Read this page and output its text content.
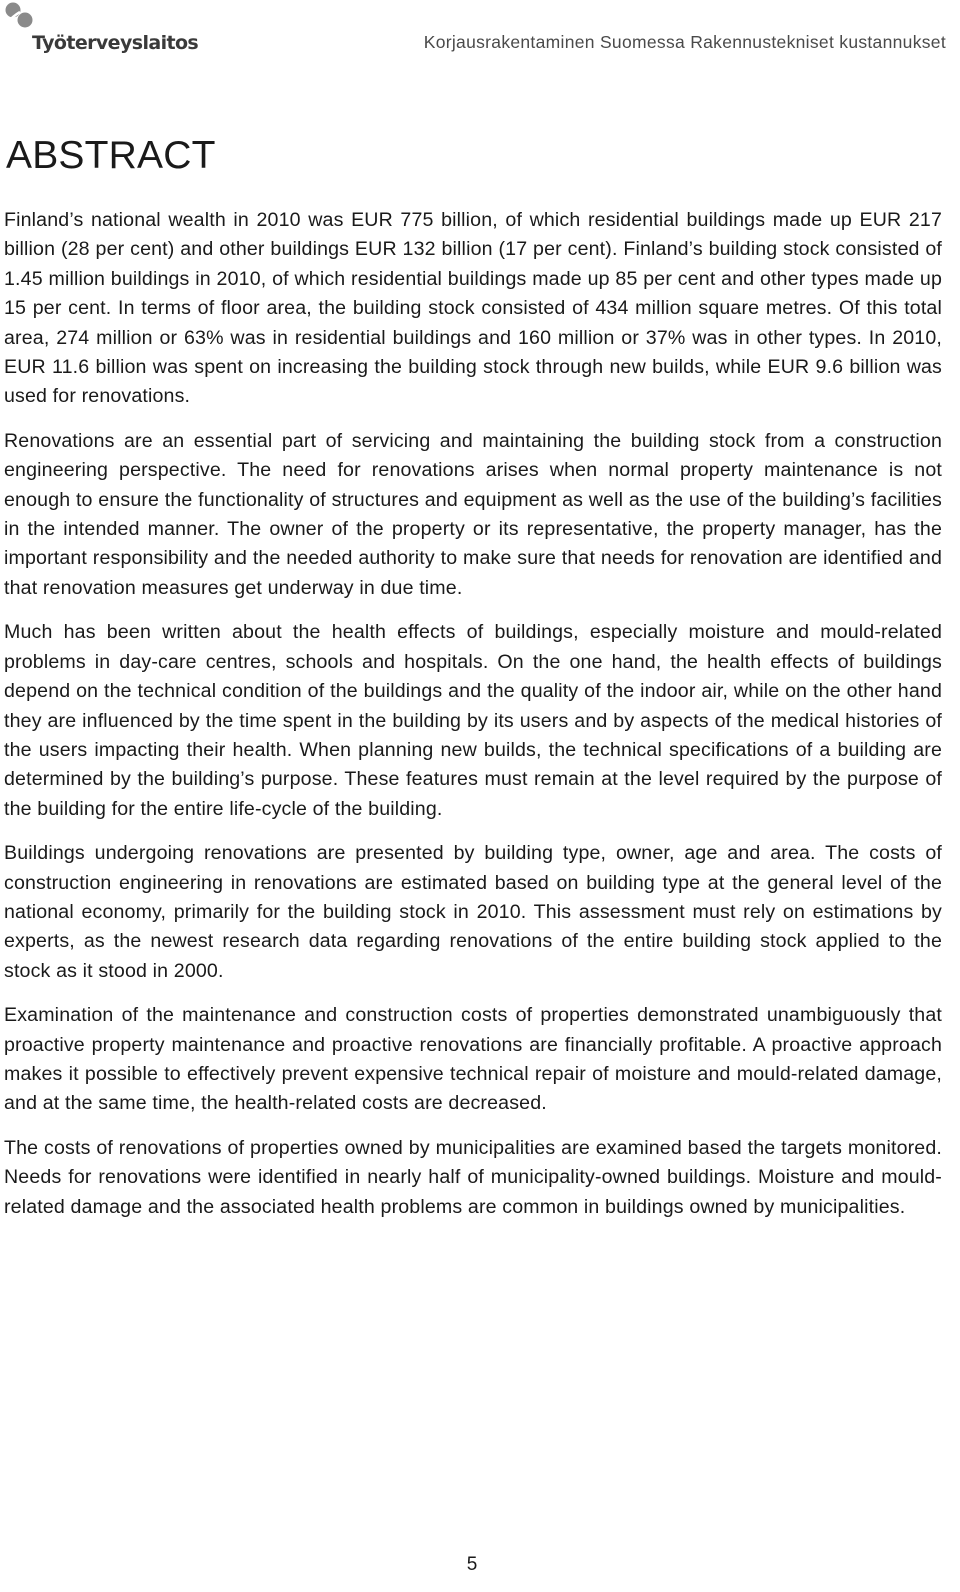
Työterveyslaitos	Korjausrakentaminen Suomessa Rakennustekniset kustannukset
ABSTRACT

Finland’s national wealth in 2010 was EUR 775 billion, of which residential buildings made up EUR 217 billion (28 per cent) and other buildings EUR 132 billion (17 per cent). Finland’s building stock consisted of 1.45 million buildings in 2010, of which residential buildings made up 85 per cent and other types made up 15 per cent. In terms of floor area, the building stock consisted of 434 million square metres. Of this total area, 274 million or 63% was in residential buildings and 160 million or 37% was in other types. In 2010, EUR 11.6 billion was spent on increasing the building stock through new builds, while EUR 9.6 billion was used for renovations.

Renovations are an essential part of servicing and maintaining the building stock from a construction engineering perspective. The need for renovations arises when normal property maintenance is not enough to ensure the functionality of structures and equipment as well as the use of the building’s facilities in the intended manner. The owner of the property or its representative, the property manager, has the important responsibility and the needed authority to make sure that needs for renovation are identified and that renovation measures get underway in due time.

Much has been written about the health effects of buildings, especially moisture and mould-related problems in day-care centres, schools and hospitals. On the one hand, the health effects of buildings depend on the technical condition of the buildings and the quality of the indoor air, while on the other hand they are influenced by the time spent in the building by its users and by aspects of the medical histories of the users impacting their health. When planning new builds, the technical specifications of a building are determined by the building’s purpose. These features must remain at the level required by the purpose of the building for the entire life-cycle of the building.

Buildings undergoing renovations are presented by building type, owner, age and area. The costs of construction engineering in renovations are estimated based on building type at the general level of the national economy, primarily for the building stock in 2010. This assessment must rely on estimations by experts, as the newest research data regarding renovations of the entire building stock applied to the stock as it stood in 2000.

Examination of the maintenance and construction costs of properties demonstrated unambiguously that proactive property maintenance and proactive renovations are financially profitable. A proactive approach makes it possible to effectively prevent expensive technical repair of moisture and mould-related damage, and at the same time, the health-related costs are decreased.

The costs of renovations of properties owned by municipalities are examined based the targets monitored. Needs for renovations were identified in nearly half of municipality-owned buildings. Moisture and mould-related damage and the associated health problems are common in buildings owned by municipalities.

5
